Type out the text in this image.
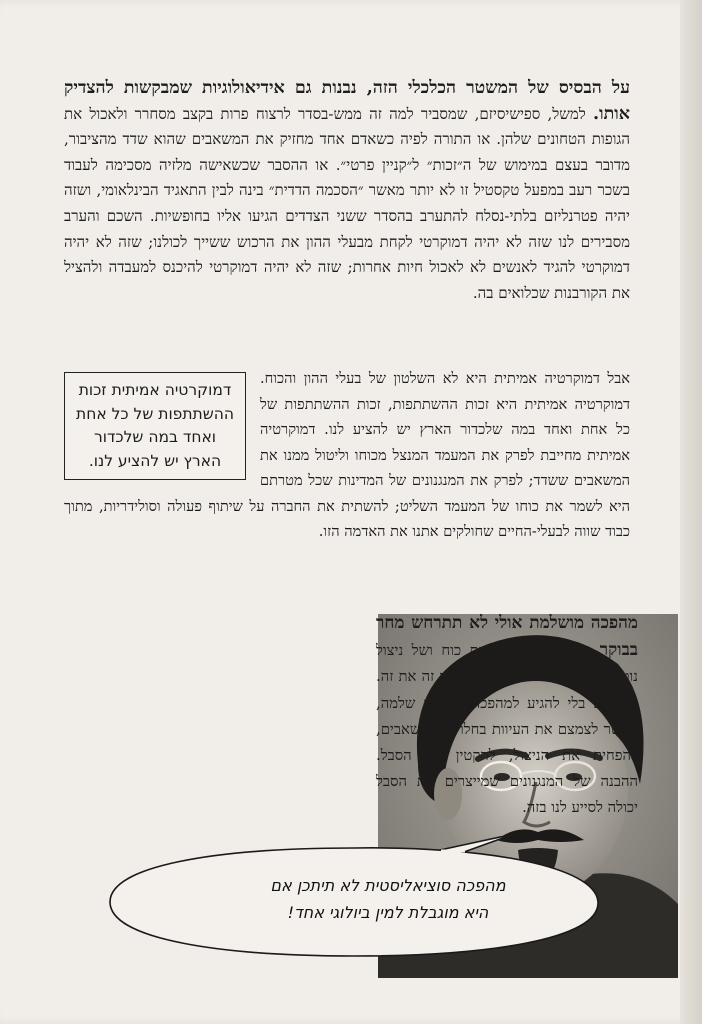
על הבסיס של המשטר הכלכלי הזה, נבנות גם אידיאולוגיות שמבקשות להצדיק אותו. למשל, ספישיסיזם, שמסביר למה זה ממש-בסדר לרצוח פרות בקצב מסחרר ולאכול את הגופות הטחונים שלהן. או התורה לפיה כשאדם אחד מחזיק את המשאבים שהוא שדד מהציבור, מדובר בעצם במימוש של ה״זכות״ ל״קניין פרטי״. או ההסבר שכשאישה מלזיה מסכימה לעבוד בשכר רעב במפעל טקסטיל זו לא יותר מאשר ״הסכמה הדדית״ בינה לבין התאגיד הבינלאומי, ושזה יהיה פטרנליזם בלתי-נסלח להתערב בהסדר ששני הצדדים הגיעו אליו בחופשיות. השכם והערב מסבירים לנו שזה לא יהיה דמוקרטי לקחת מבעלי ההון את הרכוש ששייך לכולנו; שזה לא יהיה דמוקרטי להגיד לאנשים לא לאכול חיות אחרות; שזה לא יהיה דמוקרטי להיכנס למעבדה ולהציל את הקורבנות שכלואים בה.

דמוקרטיה אמיתית זכות ההשתתפות של כל אחת ואחד במה שלכדור הארץ יש להציע לנו.
אבל דמוקרטיה אמיתית היא לא השלטון של בעלי ההון והכוח. דמוקרטיה אמיתית היא זכות ההשתתפות, זכות ההשתתפות של כל אחת ואחד במה שלכדור הארץ יש להציע לנו. דמוקרטיה אמיתית מחייבת לפרק את המעמד המנצל מכוחו וליטול ממנו את המשאבים ששדד; לפרק את המנגנונים של המדינות שכל מטרתם היא לשמר את כוחו של המעמד השליט; להשתית את החברה על שיתוף פעולה וסולידריות, מתוך כבוד שווה לבעלי-החיים שחולקים אתנו את האדמה הזו.

מהפכה מושלמת אולי לא תתרחש מחר בבוקר. מנגנונים של חלוקת כוח ושל ניצול נוטים לא להיעלם אלא רק להחליף זה את זה. אבל גם בלי להגיע למהפכה עולמית שלמה, אפשר לצמצם את העיוות בחלוקת המשאבים, להפחית את הניצול, להקטין את הסבל. ההבנה של המנגנונים שמייצרים את הסבל יכולה לסייע לנו בזה.

מהפכה סוציאליסטית לא תיתכן אם
היא מוגבלת למין ביולוגי אחד!
